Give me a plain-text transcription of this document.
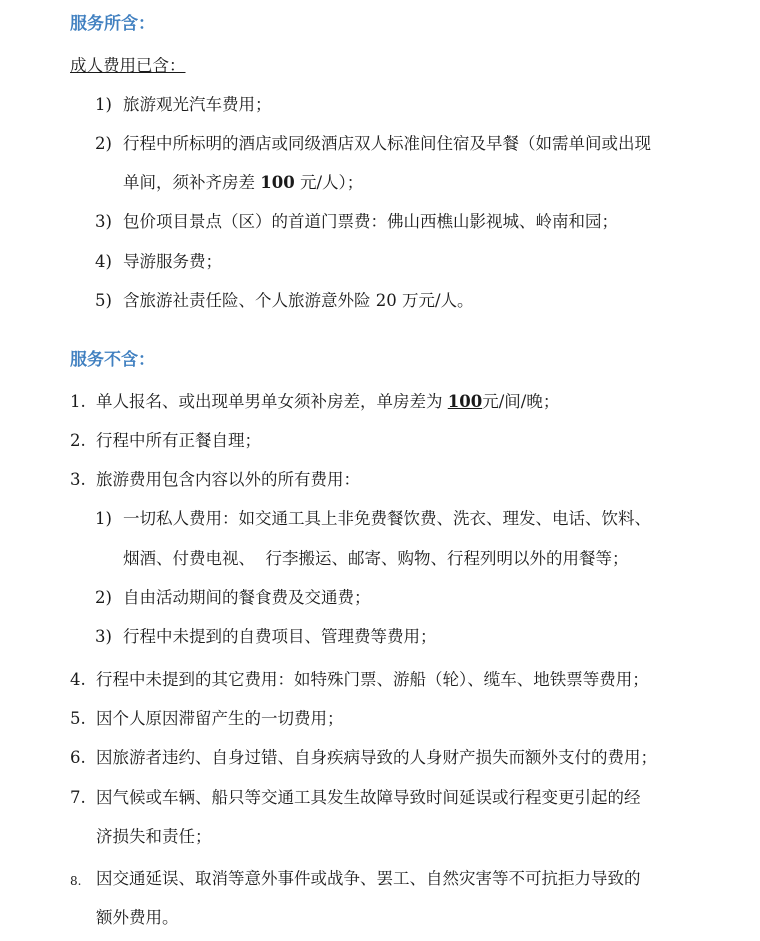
服务所含：
成人费用已含：
1) 旅游观光汽车费用；
2) 行程中所标明的酒店或同级酒店双人标准间住宿及早餐（如需单间或出现
单间，须补齐房差 100 元/人）；
3) 包价项目景点（区）的首道门票费：佛山西樵山影视城、岭南和园；
4) 导游服务费；
5) 含旅游社责任险、个人旅游意外险 20 万元/人。
服务不含：
1. 单人报名、或出现单男单女须补房差，单房差为 100元/间/晚；
2. 行程中所有正餐自理；
3. 旅游费用包含内容以外的所有费用：
1) 一切私人费用：如交通工具上非免费餐饮费、洗衣、理发、电话、饮料、
烟酒、付费电视、  行李搬运、邮寄、购物、行程列明以外的用餐等；
2) 自由活动期间的餐食费及交通费；
3) 行程中未提到的自费项目、管理费等费用；
4. 行程中未提到的其它费用：如特殊门票、游船（轮）、缆车、地铁票等费用；
5. 因个人原因滞留产生的一切费用；
6. 因旅游者违约、自身过错、自身疾病导致的人身财产损失而额外支付的费用；
7. 因气候或车辆、船只等交通工具发生故障导致时间延误或行程变更引起的经
济损失和责任；
8. 因交通延误、取消等意外事件或战争、罢工、自然灾害等不可抗拒力导致的
额外费用。
